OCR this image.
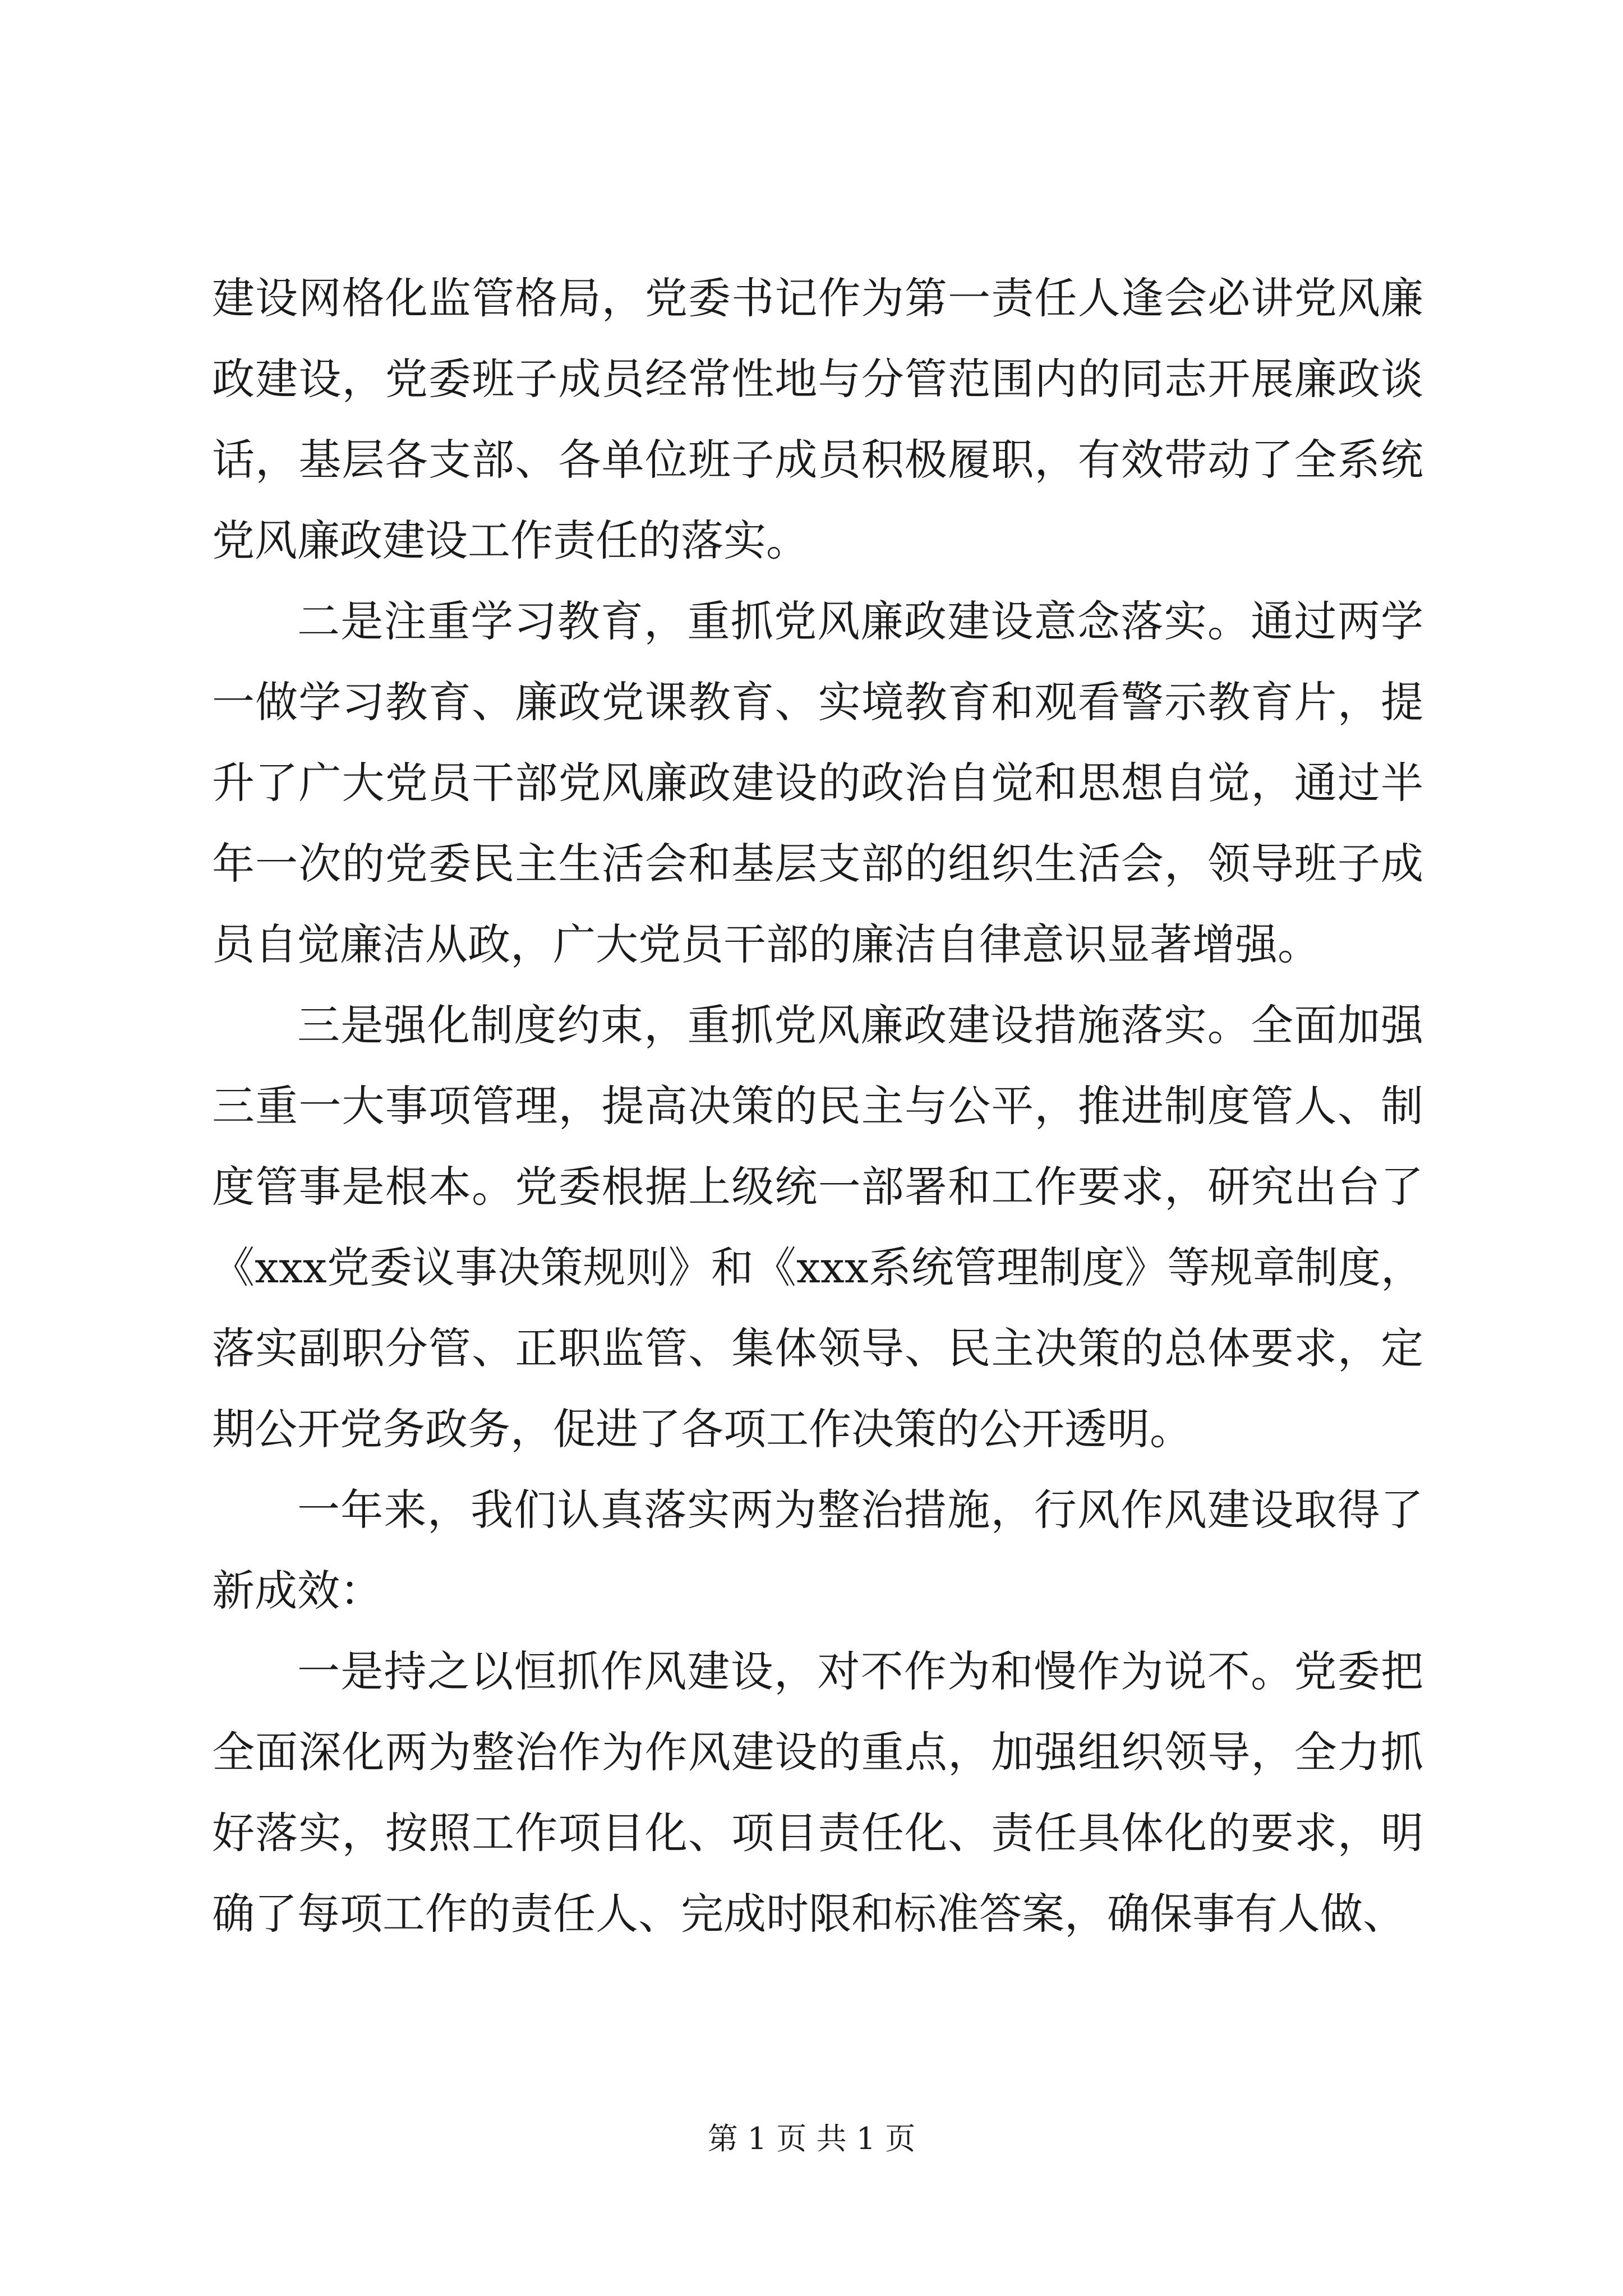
建设网格化监管格局，党委书记作为第一责任人逢会必讲党风廉政建设，党委班子成员经常性地与分管范围内的同志开展廉政谈话，基层各支部、各单位班子成员积极履职，有效带动了全系统党风廉政建设工作责任的落实。

二是注重学习教育，重抓党风廉政建设意念落实。通过两学一做学习教育、廉政党课教育、实境教育和观看警示教育片，提升了广大党员干部党风廉政建设的政治自觉和思想自觉，通过半年一次的党委民主生活会和基层支部的组织生活会，领导班子成员自觉廉洁从政，广大党员干部的廉洁自律意识显著增强。

三是强化制度约束，重抓党风廉政建设措施落实。全面加强三重一大事项管理，提高决策的民主与公平，推进制度管人、制度管事是根本。党委根据上级统一部署和工作要求，研究出台了《xxx党委议事决策规则》和《xxx系统管理制度》等规章制度，落实副职分管、正职监管、集体领导、民主决策的总体要求，定期公开党务政务，促进了各项工作决策的公开透明。

一年来，我们认真落实两为整治措施，行风作风建设取得了新成效：

一是持之以恒抓作风建设，对不作为和慢作为说不。党委把全面深化两为整治作为作风建设的重点，加强组织领导，全力抓好落实，按照工作项目化、项目责任化、责任具体化的要求，明确了每项工作的责任人、完成时限和标准答案，确保事有人做、

第 1 页 共 1 页
